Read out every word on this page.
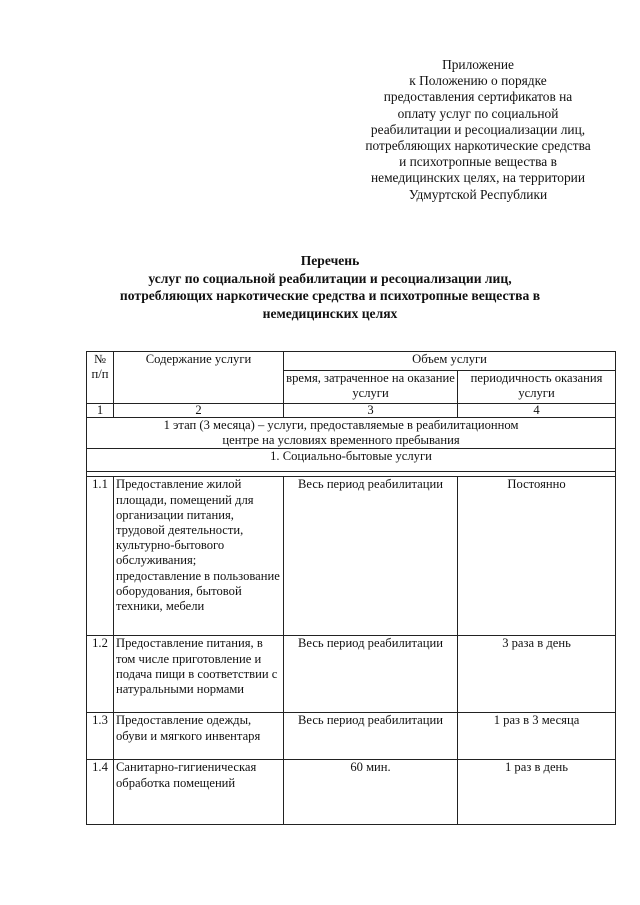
Приложение
к Положению о порядке
предоставления сертификатов на
оплату услуг по социальной
реабилитации и ресоциализации лиц,
потребляющих наркотические средства
и психотропные вещества в
немедицинских целях, на территории
Удмуртской Республики
Перечень
услуг по социальной реабилитации и ресоциализации лиц,
потребляющих наркотические средства и психотропные вещества в
немедицинских целях
№ п/п	Содержание услуги	Объем услуги	
		время, затраченное на оказание услуги	периодичность оказания услуги
1	2	3	4
1 этап (3 месяца) – услуги, предоставляемые в реабилитационном центре на условиях временного пребывания			
1. Социально-бытовые услуги			

1.1	Предоставление жилой площади, помещений для организации питания, трудовой деятельности, культурно-бытового обслуживания; предоставление в пользование оборудования, бытовой техники, мебели	Весь период реабилитации	Постоянно
1.2	Предоставление питания, в том числе приготовление и подача пищи в соответствии с натуральными нормами	Весь период реабилитации	3 раза в день
1.3	Предоставление одежды, обуви и мягкого инвентаря	Весь период реабилитации	1 раз в 3 месяца
1.4	Санитарно-гигиеническая обработка помещений	60 мин.	1 раз в день
